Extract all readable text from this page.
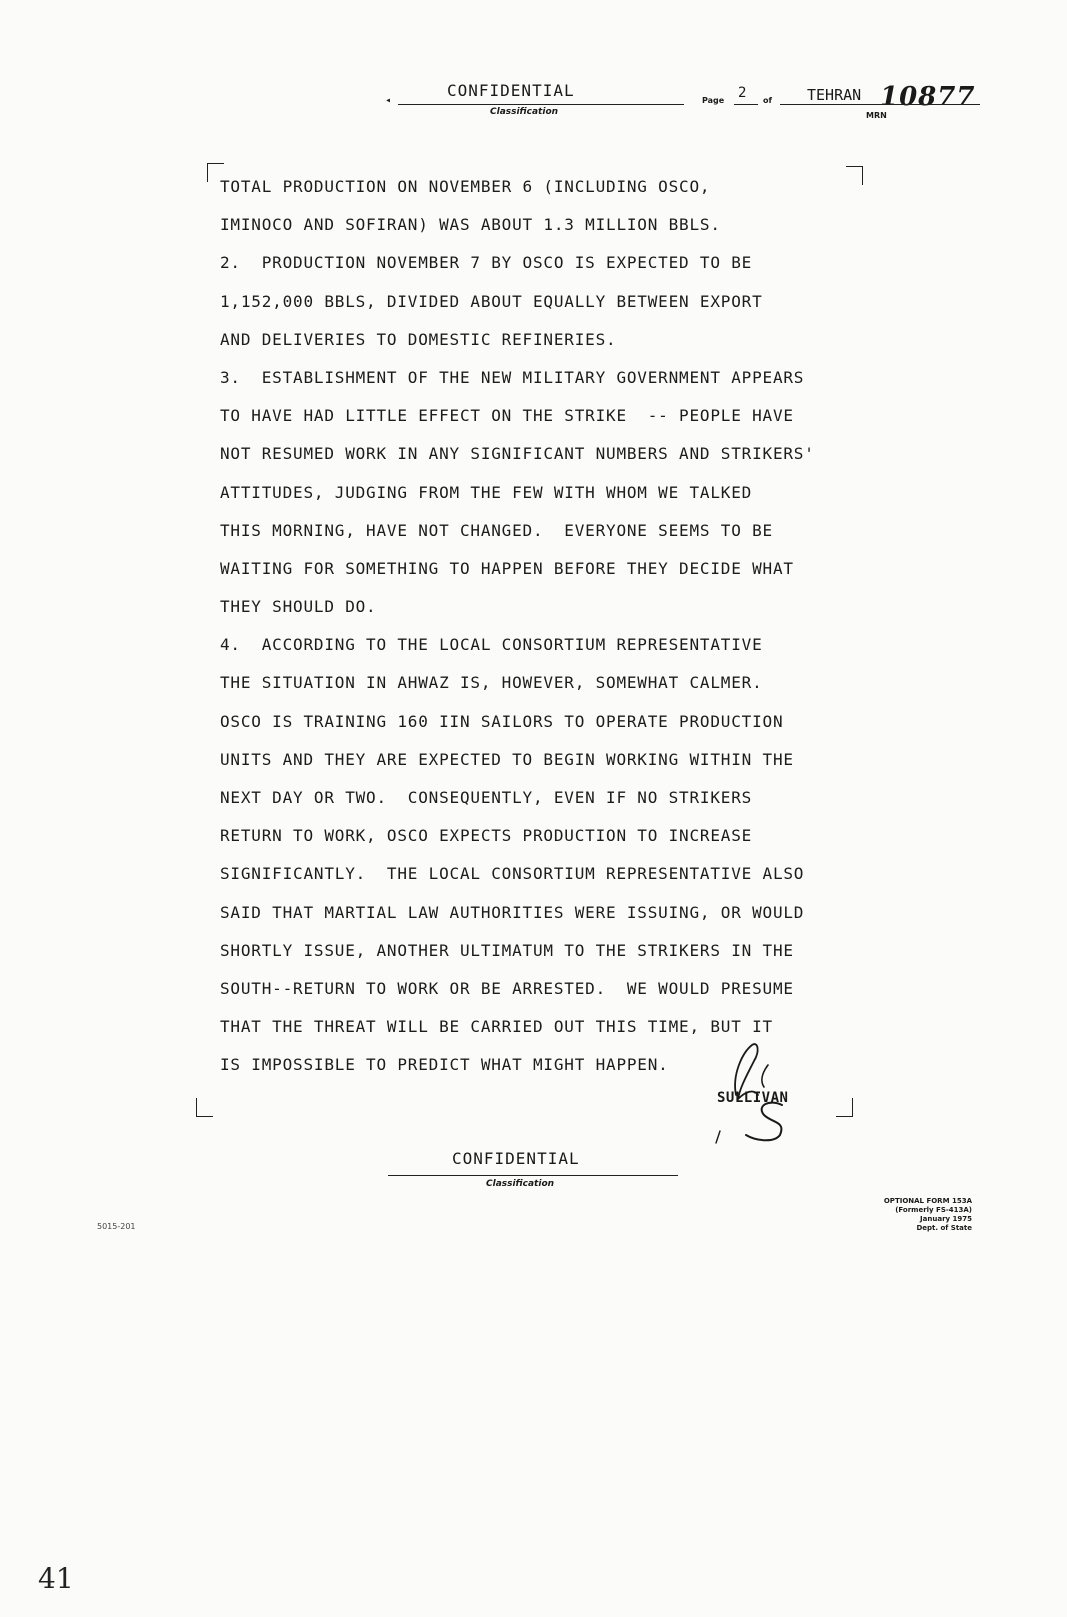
◂
CONFIDENTIAL
Classification
Page 2 of TEHRAN 10877
MRN
TOTAL PRODUCTION ON NOVEMBER 6 (INCLUDING OSCO,
IMINOCO AND SOFIRAN) WAS ABOUT 1.3 MILLION BBLS.
2.  PRODUCTION NOVEMBER 7 BY OSCO IS EXPECTED TO BE
1,152,000 BBLS, DIVIDED ABOUT EQUALLY BETWEEN EXPORT
AND DELIVERIES TO DOMESTIC REFINERIES.
3.  ESTABLISHMENT OF THE NEW MILITARY GOVERNMENT APPEARS
TO HAVE HAD LITTLE EFFECT ON THE STRIKE  -- PEOPLE HAVE
NOT RESUMED WORK IN ANY SIGNIFICANT NUMBERS AND STRIKERS'
ATTITUDES, JUDGING FROM THE FEW WITH WHOM WE TALKED
THIS MORNING, HAVE NOT CHANGED.  EVERYONE SEEMS TO BE
WAITING FOR SOMETHING TO HAPPEN BEFORE THEY DECIDE WHAT
THEY SHOULD DO.
4.  ACCORDING TO THE LOCAL CONSORTIUM REPRESENTATIVE
THE SITUATION IN AHWAZ IS, HOWEVER, SOMEWHAT CALMER.
OSCO IS TRAINING 160 IIN SAILORS TO OPERATE PRODUCTION
UNITS AND THEY ARE EXPECTED TO BEGIN WORKING WITHIN THE
NEXT DAY OR TWO.  CONSEQUENTLY, EVEN IF NO STRIKERS
RETURN TO WORK, OSCO EXPECTS PRODUCTION TO INCREASE
SIGNIFICANTLY.  THE LOCAL CONSORTIUM REPRESENTATIVE ALSO
SAID THAT MARTIAL LAW AUTHORITIES WERE ISSUING, OR WOULD
SHORTLY ISSUE, ANOTHER ULTIMATUM TO THE STRIKERS IN THE
SOUTH--RETURN TO WORK OR BE ARRESTED.  WE WOULD PRESUME
THAT THE THREAT WILL BE CARRIED OUT THIS TIME, BUT IT
IS IMPOSSIBLE TO PREDICT WHAT MIGHT HAPPEN.
SULLIVAN
CONFIDENTIAL
Classification
OPTIONAL FORM 153A
(Formerly FS-413A)
January 1975
Dept. of State
5015-201
41
